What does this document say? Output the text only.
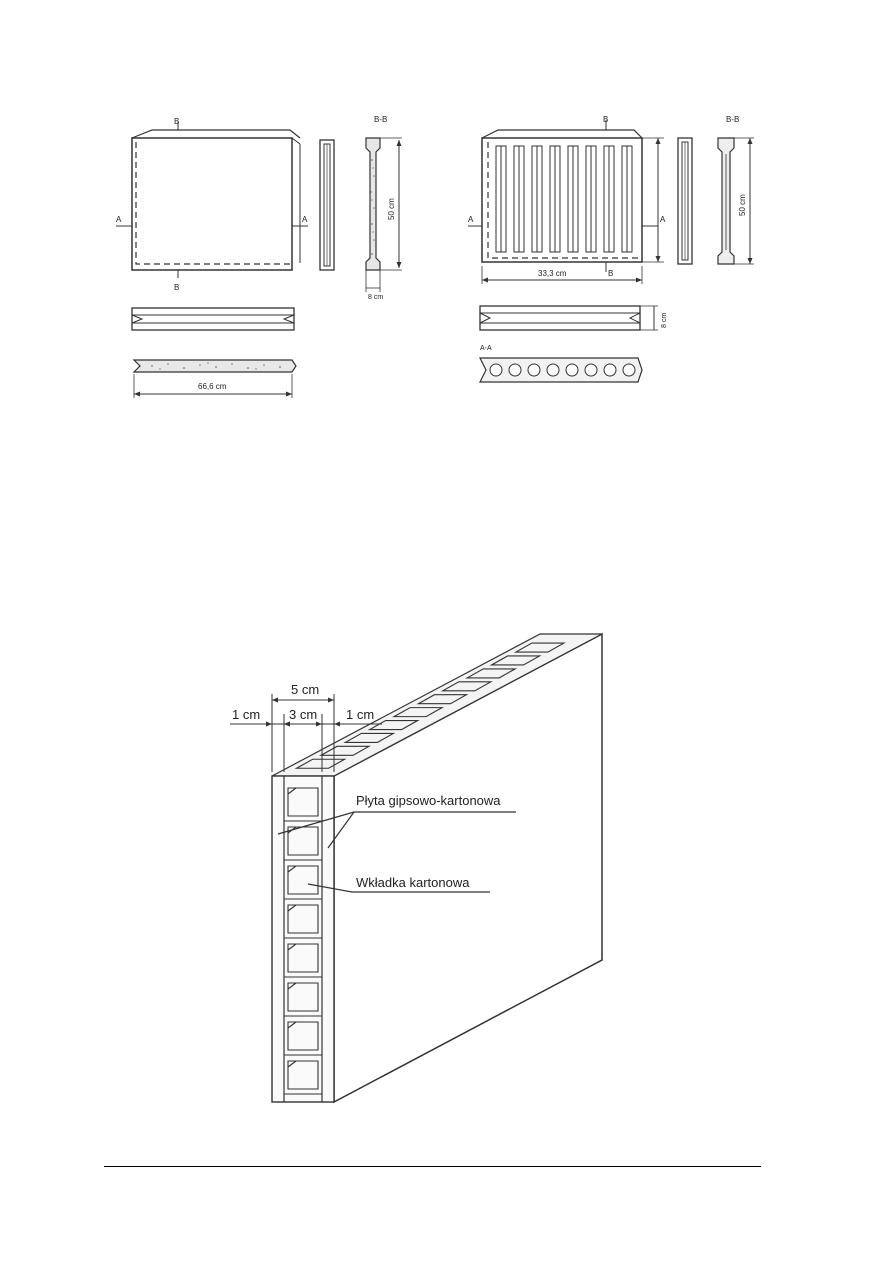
B
B
A	A
B-B
50 cm
8 cm
66,6 cm
B
B
A	A
33,3 cm
B-B
50 cm
8 cm
A-A
5 cm
3 cm
1 cm	1 cm
Płyta gipsowo-kartonowa
Wkładka kartonowa
